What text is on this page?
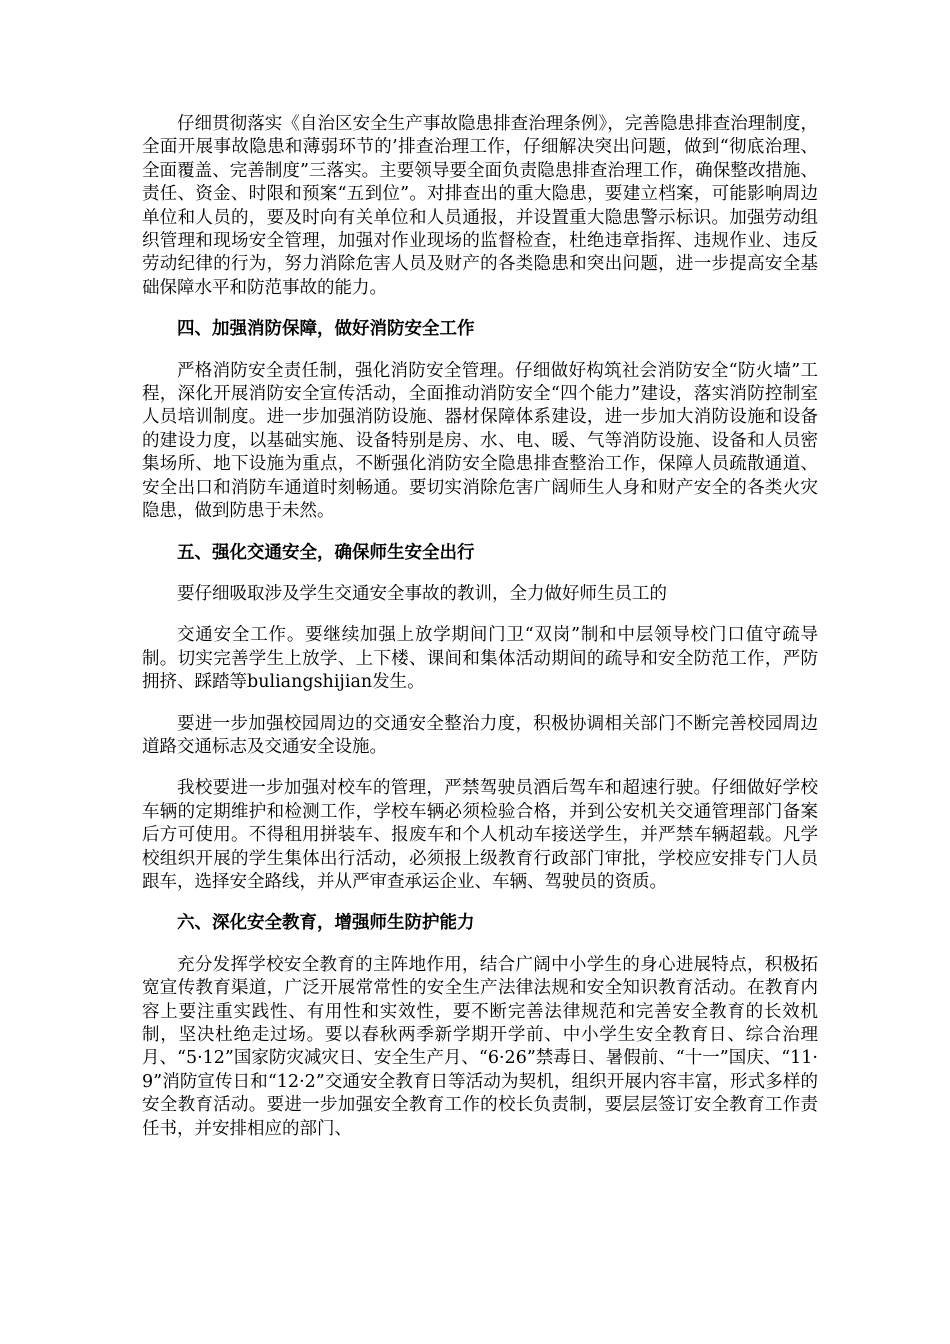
仔细贯彻落实《自治区安全生产事故隐患排查治理条例》，完善隐患排查治理制度，全面开展事故隐患和薄弱环节的’排查治理工作，仔细解决突出问题，做到“彻底治理、全面覆盖、完善制度”三落实。主要领导要全面负责隐患排查治理工作，确保整改措施、责任、资金、时限和预案“五到位”。对排查出的重大隐患，要建立档案，可能影响周边单位和人员的，要及时向有关单位和人员通报，并设置重大隐患警示标识。加强劳动组织管理和现场安全管理，加强对作业现场的监督检查，杜绝违章指挥、违规作业、违反劳动纪律的行为，努力消除危害人员及财产的各类隐患和突出问题，进一步提高安全基础保障水平和防范事故的能力。

四、加强消防保障，做好消防安全工作

严格消防安全责任制，强化消防安全管理。仔细做好构筑社会消防安全“防火墙”工程，深化开展消防安全宣传活动，全面推动消防安全“四个能力”建设，落实消防控制室人员培训制度。进一步加强消防设施、器材保障体系建设，进一步加大消防设施和设备的建设力度，以基础实施、设备特别是房、水、电、暖、气等消防设施、设备和人员密集场所、地下设施为重点，不断强化消防安全隐患排查整治工作，保障人员疏散通道、安全出口和消防车通道时刻畅通。要切实消除危害广阔师生人身和财产安全的各类火灾隐患，做到防患于未然。

五、强化交通安全，确保师生安全出行

要仔细吸取涉及学生交通安全事故的教训，全力做好师生员工的

交通安全工作。要继续加强上放学期间门卫“双岗”制和中层领导校门口值守疏导制。切实完善学生上放学、上下楼、课间和集体活动期间的疏导和安全防范工作，严防拥挤、踩踏等buliangshijian发生。

要进一步加强校园周边的交通安全整治力度，积极协调相关部门不断完善校园周边道路交通标志及交通安全设施。

我校要进一步加强对校车的管理，严禁驾驶员酒后驾车和超速行驶。仔细做好学校车辆的定期维护和检测工作，学校车辆必须检验合格，并到公安机关交通管理部门备案后方可使用。不得租用拼装车、报废车和个人机动车接送学生，并严禁车辆超载。凡学校组织开展的学生集体出行活动，必须报上级教育行政部门审批，学校应安排专门人员跟车，选择安全路线，并从严审查承运企业、车辆、驾驶员的资质。

六、深化安全教育，增强师生防护能力

充分发挥学校安全教育的主阵地作用，结合广阔中小学生的身心进展特点，积极拓宽宣传教育渠道，广泛开展常常性的安全生产法律法规和安全知识教育活动。在教育内容上要注重实践性、有用性和实效性，要不断完善法律规范和完善安全教育的长效机制，坚决杜绝走过场。要以春秋两季新学期开学前、中小学生安全教育日、综合治理月、“5·12”国家防灾减灾日、安全生产月、“6·26”禁毒日、暑假前、“十一”国庆、“11·9”消防宣传日和“12·2”交通安全教育日等活动为契机，组织开展内容丰富，形式多样的安全教育活动。要进一步加强安全教育工作的校长负责制，要层层签订安全教育工作责任书，并安排相应的部门、
